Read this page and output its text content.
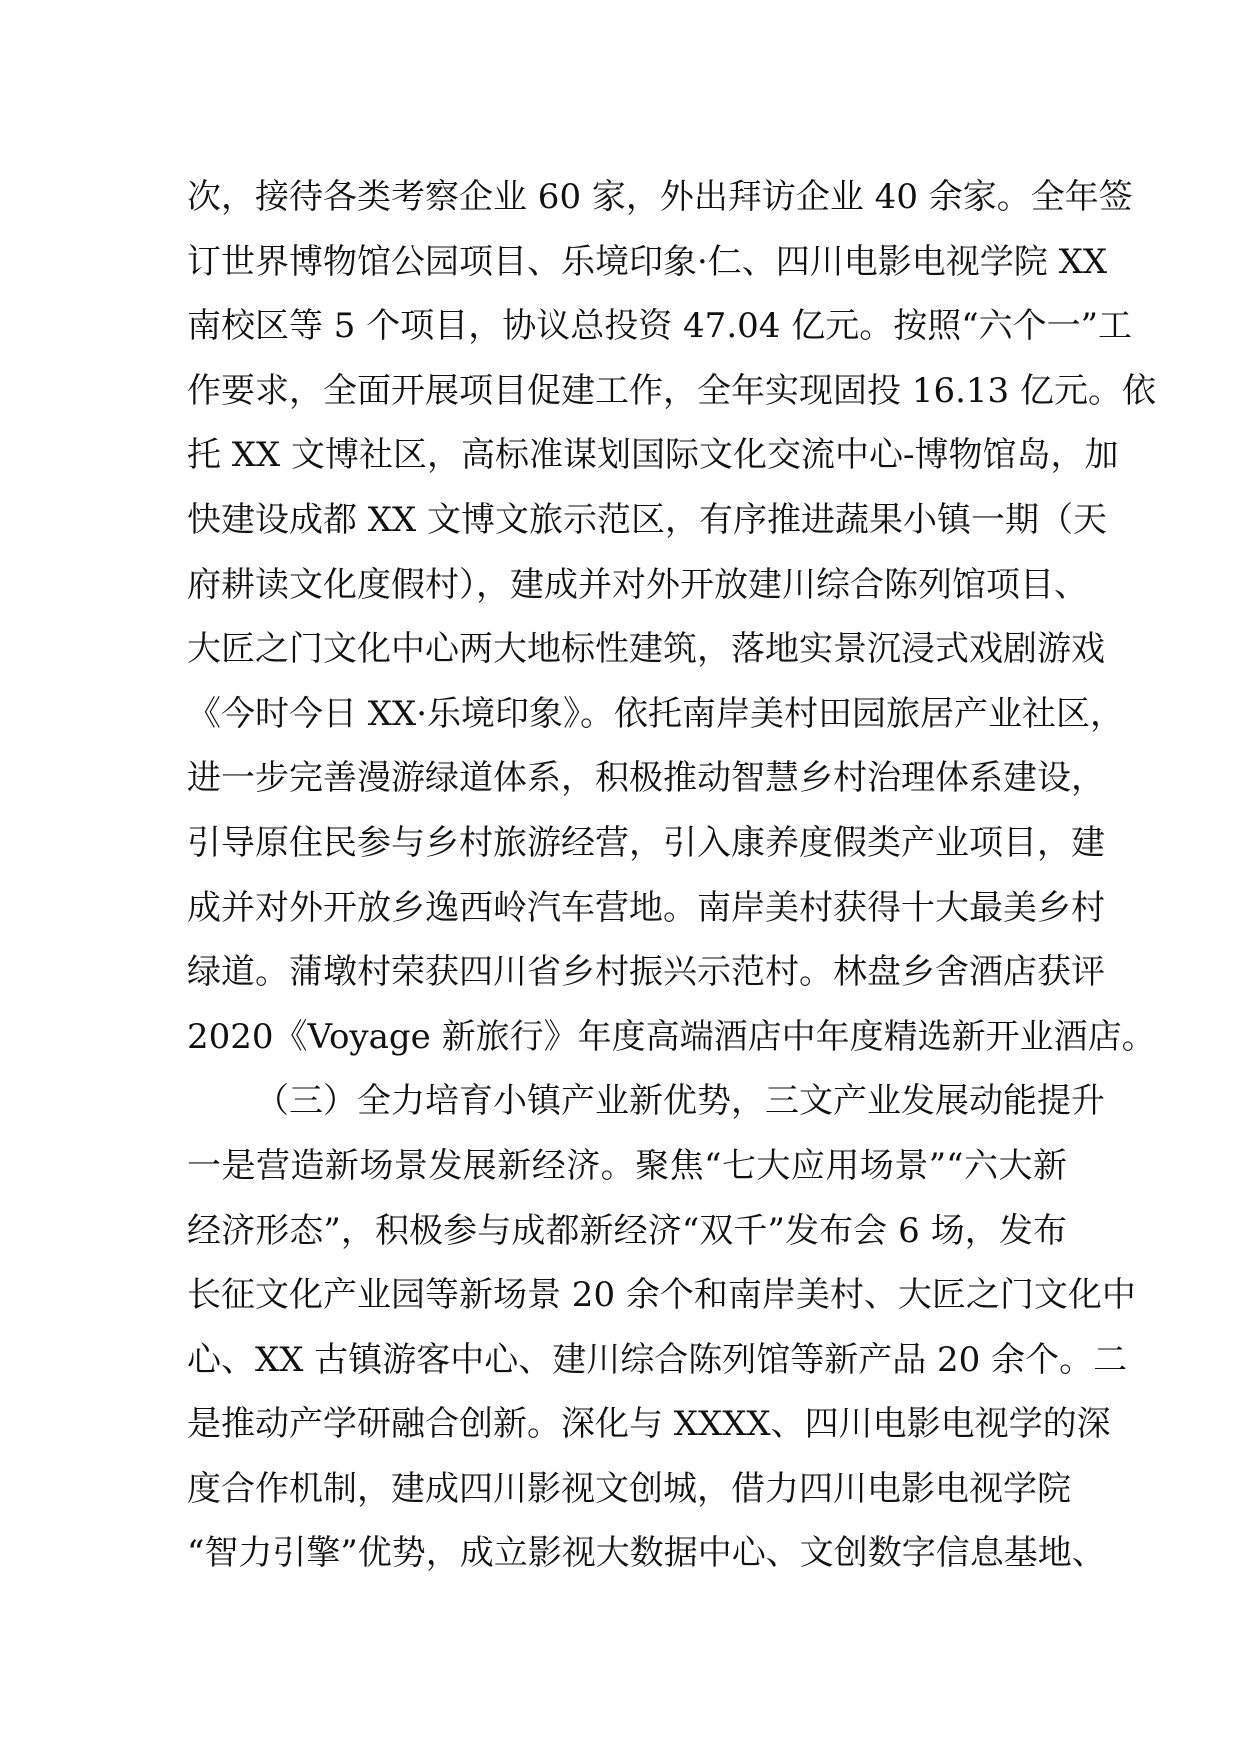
次，接待各类考察企业 60 家，外出拜访企业 40 余家。全年签
订世界博物馆公园项目、乐境印象·仁、四川电影电视学院 XX
南校区等 5 个项目，协议总投资 47.04 亿元。按照“六个一”工
作要求，全面开展项目促建工作，全年实现固投 16.13 亿元。依
托 XX 文博社区，高标准谋划国际文化交流中心-博物馆岛，加
快建设成都 XX 文博文旅示范区，有序推进蔬果小镇一期（天
府耕读文化度假村），建成并对外开放建川综合陈列馆项目、
大匠之门文化中心两大地标性建筑，落地实景沉浸式戏剧游戏
《今时今日 XX·乐境印象》。依托南岸美村田园旅居产业社区，
进一步完善漫游绿道体系，积极推动智慧乡村治理体系建设，
引导原住民参与乡村旅游经营，引入康养度假类产业项目，建
成并对外开放乡逸西岭汽车营地。南岸美村获得十大最美乡村
绿道。蒲墩村荣获四川省乡村振兴示范村。林盘乡舍酒店获评
2020《Voyage 新旅行》年度高端酒店中年度精选新开业酒店。
（三）全力培育小镇产业新优势，三文产业发展动能提升
一是营造新场景发展新经济。聚焦“七大应用场景”“六大新
经济形态”，积极参与成都新经济“双千”发布会 6 场，发布
长征文化产业园等新场景 20 余个和南岸美村、大匠之门文化中
心、XX 古镇游客中心、建川综合陈列馆等新产品 20 余个。二
是推动产学研融合创新。深化与 XXXX、四川电影电视学的深
度合作机制，建成四川影视文创城，借力四川电影电视学院
“智力引擎”优势，成立影视大数据中心、文创数字信息基地、
